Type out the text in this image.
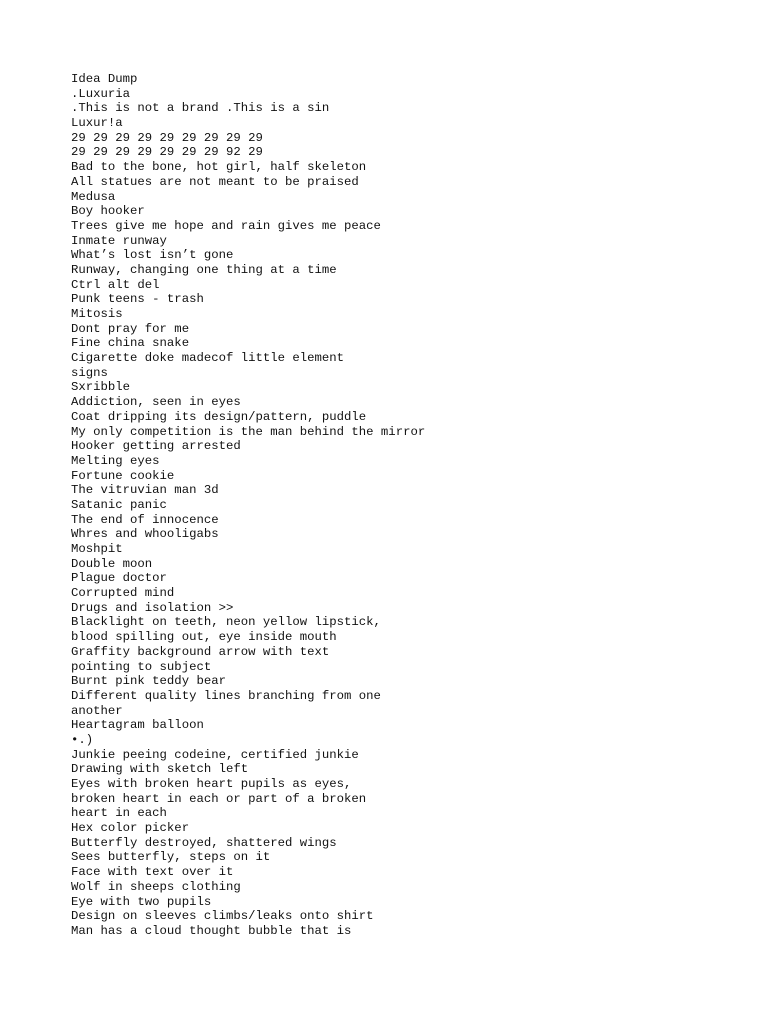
Idea Dump
.Luxuria
.This is not a brand .This is a sin
Luxur!a
29 29 29 29 29 29 29 29 29
29 29 29 29 29 29 29 92 29
Bad to the bone, hot girl, half skeleton
All statues are not meant to be praised
Medusa
Boy hooker
Trees give me hope and rain gives me peace
Inmate runway
What’s lost isn’t gone
Runway, changing one thing at a time
Ctrl alt del
Punk teens - trash
Mitosis
Dont pray for me
Fine china snake
Cigarette doke madecof little element
signs
Sxribble
Addiction, seen in eyes
Coat dripping its design/pattern, puddle
My only competition is the man behind the mirror
Hooker getting arrested
Melting eyes
Fortune cookie
The vitruvian man 3d
Satanic panic
The end of innocence
Whres and whooligabs
Moshpit
Double moon
Plague doctor
Corrupted mind
Drugs and isolation >>
Blacklight on teeth, neon yellow lipstick,
blood spilling out, eye inside mouth
Graffity background arrow with text
pointing to subject
Burnt pink teddy bear
Different quality lines branching from one
another
Heartagram balloon
•.)
Junkie peeing codeine, certified junkie
Drawing with sketch left
Eyes with broken heart pupils as eyes,
broken heart in each or part of a broken
heart in each
Hex color picker
Butterfly destroyed, shattered wings
Sees butterfly, steps on it
Face with text over it
Wolf in sheeps clothing
Eye with two pupils
Design on sleeves climbs/leaks onto shirt
Man has a cloud thought bubble that is
